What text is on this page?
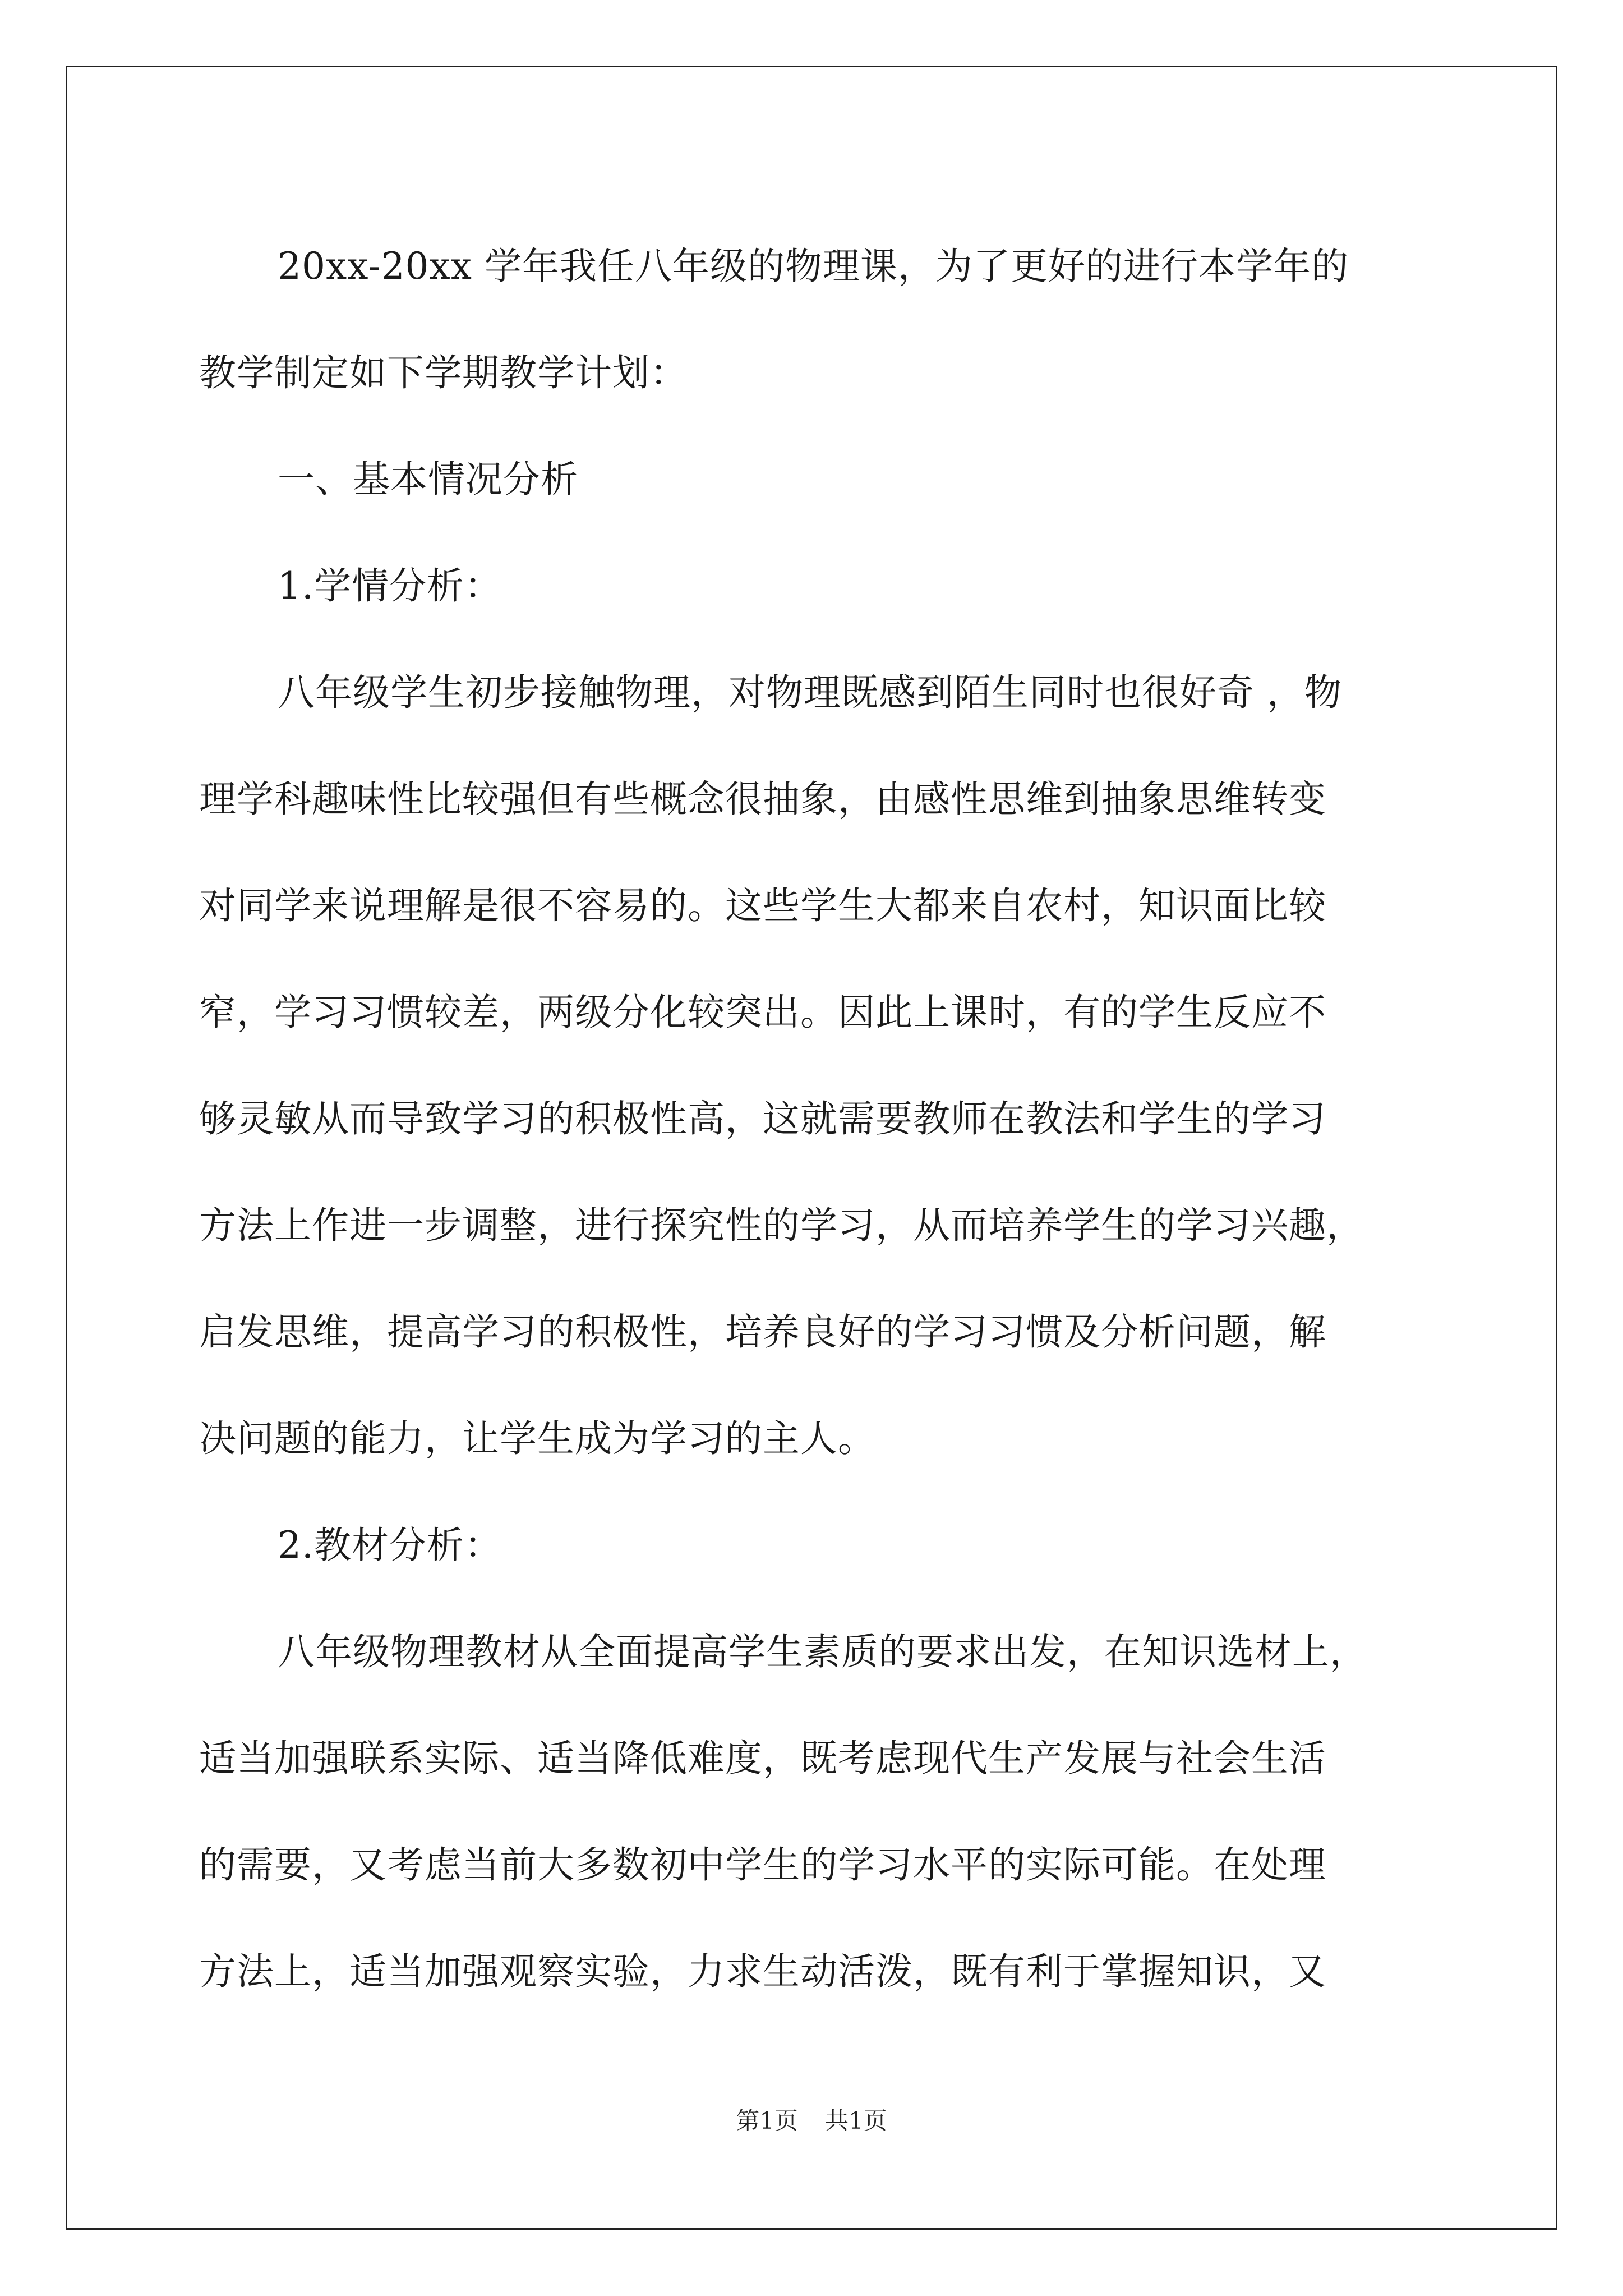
20xx-20xx 学年我任八年级的物理课，为了更好的进行本学年的
教学制定如下学期教学计划：
一、基本情况分析
1.学情分析：
八年级学生初步接触物理，对物理既感到陌生同时也很好奇 ，物
理学科趣味性比较强但有些概念很抽象，由感性思维到抽象思维转变
对同学来说理解是很不容易的。这些学生大都来自农村，知识面比较
窄，学习习惯较差，两级分化较突出。因此上课时，有的学生反应不
够灵敏从而导致学习的积极性高，这就需要教师在教法和学生的学习
方法上作进一步调整，进行探究性的学习，从而培养学生的学习兴趣，
启发思维，提高学习的积极性，培养良好的学习习惯及分析问题，解
决问题的能力，让学生成为学习的主人。
2.教材分析：
八年级物理教材从全面提高学生素质的要求出发，在知识选材上，
适当加强联系实际、适当降低难度，既考虑现代生产发展与社会生活
的需要，又考虑当前大多数初中学生的学习水平的实际可能。在处理
方法上，适当加强观察实验，力求生动活泼，既有利于掌握知识，又
第1页 共1页
